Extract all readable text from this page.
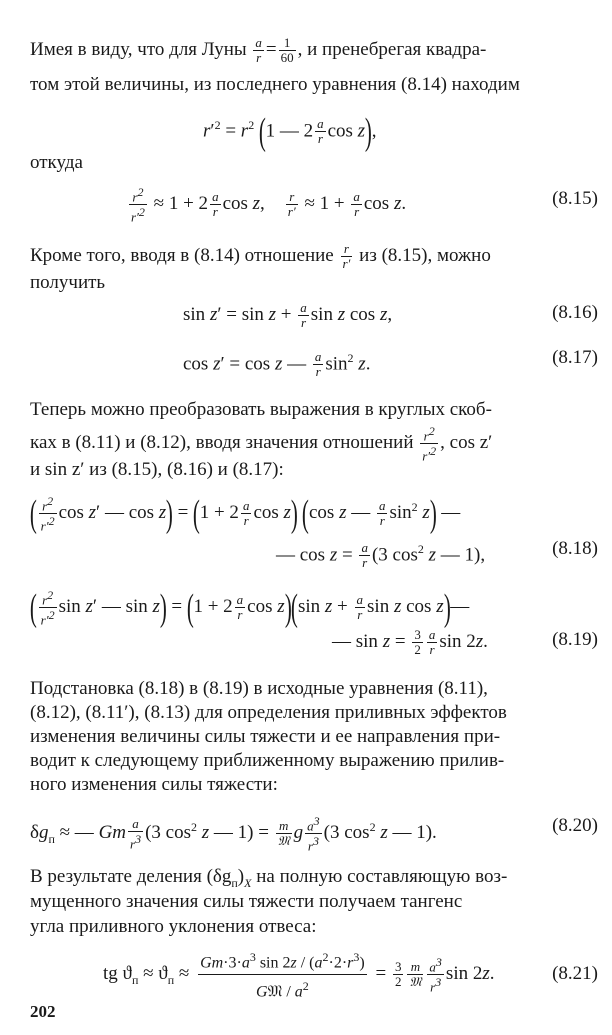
Имея в виду, что для Луны $\frac{a}{r} = \frac{1}{60}$ , и пренебрегая квадра-
том этой величины, из последнего уравнения (8.14) находим
$r'^2 = r^2$ (1 — $2 \frac{a}{r}$ cos z),
откуда
$\frac{r2}{r'2} \approx 1 + 2 \frac{a}{r}$ cos z, $\frac{r}{r'} \approx 1 + \frac{a}{r}$ cos z.	(8.15)
Кроме того, вводя в (8.14) отношение $\frac{r}{r'}$ из (8.15), можно
получить
$\sin z' = \sin z + \frac{a}{r}$ sin z cos z,	(8.16)
cos z′ = cos z — $\frac{a}{r} \sin^2 z$.	(8.17)
Теперь можно преобразовать выражения в круглых скоб-
ках в (8.11) и (8.12), вводя значения отношений $\frac{r2}{r'2}$ , cos z′
и sin z′ из (8.15), (8.16) и (8.17):
( $\frac{r2}{r'2}$ cos z′ — $\cos z) = (1 + 2 \frac{a}{r}$ cos z) (cos z — $\frac{a}{r} \sin^2 z$) —
— $\cos z = \frac{a}{r} (3$ $\cos^2 z$ — 1),	(8.18)
( $\frac{r2}{r'2}$ sin z′ — $\sin z) = (1 + 2 \frac{a}{r}$ cos z)(sin $z + \frac{a}{r}$ sin z cos z)—
— $\sin z = \frac{3}{2} \frac{a}{r}$ sin 2z.	(8.19)
Подстановка (8.18) в (8.19) в исходные уравнения (8.11),
(8.12), (8.11′), (8.13) для определения приливных эффектов
изменения величины силы тяжести и ее направления при-
водит к следующему приближенному выражению прилив-
ного изменения силы тяжести:
$\delta g_п$ ≈ — Gm $\frac{a}{r3} (3$ $\cos^2 z$ — $1) = \frac{m}{\text{𝔐}}$ g $\frac{a3}{r3} (3$ $\cos^2 z$ — 1).	(8.20)
В результате деления $(\delta g_п)_X$ на полную составляющую воз-
мущенного значения силы тяжести получаем тангенс
угла приливного уклонения отвеса:
tg $ϑ_п \approx ϑ_п \approx \frac{Gm\cdot 3\cdot a^3 \sin 2z / (a^2\cdot 2\cdot r^3)}{G𝔐 / a^2} = \frac{3}{2} \frac{m}{\text{𝔐}} \frac{a3}{r3}$ sin 2z.	(8.21)
202
